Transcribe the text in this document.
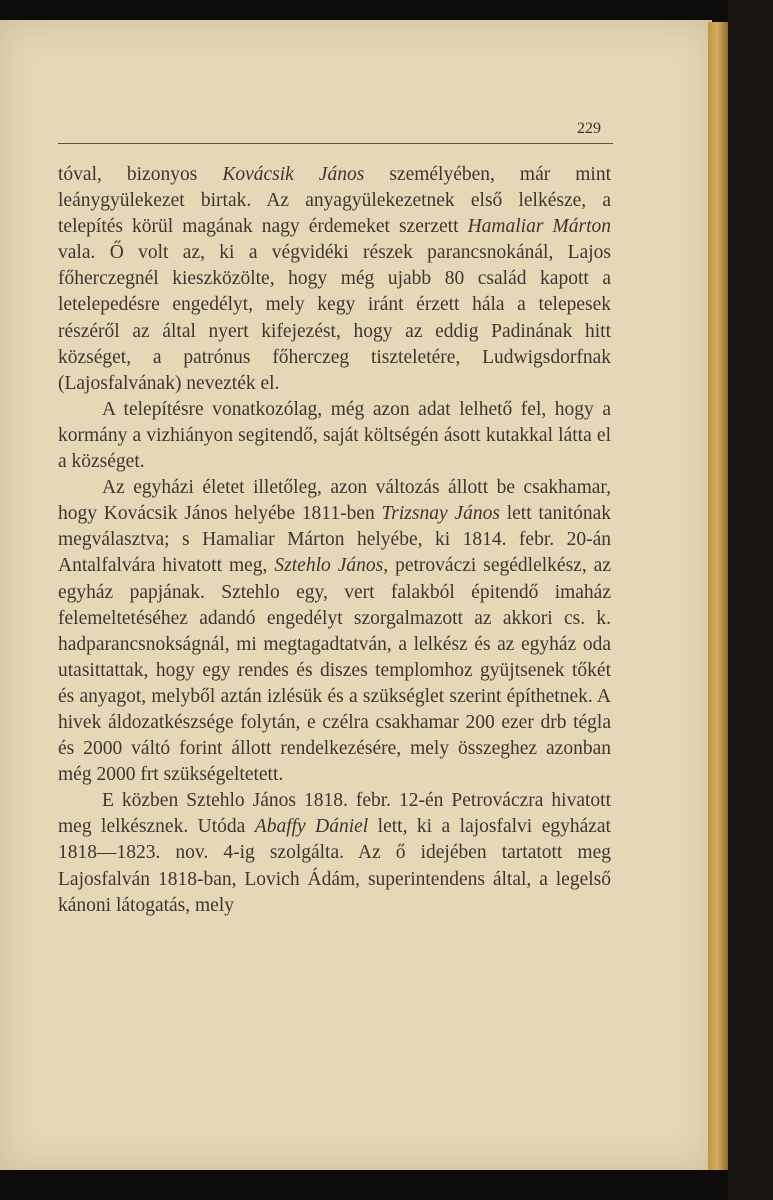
229

tóval, bizonyos Kovácsik János személyében, már mint leánygyülekezet birtak. Az anyagyülekezetnek első lelkésze, a telepítés körül magának nagy érdemeket szerzett Hamaliar Márton vala. Ő volt az, ki a végvidéki részek parancsnokánál, Lajos főherczegnél kieszközölte, hogy még ujabb 80 család kapott a letelepedésre engedélyt, mely kegy iránt érzett hála a telepesek részéről az által nyert kifejezést, hogy az eddig Padinának hitt községet, a patrónus főherczeg tiszteletére, Ludwigsdorfnak (Lajosfalvának) nevezték el.

A telepítésre vonatkozólag, még azon adat lelhető fel, hogy a kormány a vizhiányon segitendő, saját költségén ásott kutakkal látta el a községet.

Az egyházi életet illetőleg, azon változás állott be csakhamar, hogy Kovácsik János helyébe 1811-ben Trizsnay János lett tanitónak megválasztva; s Hamaliar Márton helyébe, ki 1814. febr. 20-án Antalfalvára hivatott meg, Sztehlo János, petrováczi segédlelkész, az egyház papjának. Sztehlo egy, vert falakból épitendő imaház felemeltetéséhez adandó engedélyt szorgalmazott az akkori cs. k. hadparancsnokságnál, mi megtagadtatván, a lelkész és az egyház oda utasittattak, hogy egy rendes és diszes templomhoz gyüjtsenek tőkét és anyagot, melyből aztán izlésük és a szükséglet szerint építhetnek. A hivek áldozatkészsége folytán, e czélra csakhamar 200 ezer drb tégla és 2000 váltó forint állott rendelkezésére, mely összeghez azonban még 2000 frt szükségeltetett.

E közben Sztehlo János 1818. febr. 12-én Petrováczra hivatott meg lelkésznek. Utóda Abaffy Dániel lett, ki a lajosfalvi egyházat 1818—1823. nov. 4-ig szolgálta. Az ő idejében tartatott meg Lajosfalván 1818-ban, Lovich Ádám, superintendens által, a legelső kánoni látogatás, mely
